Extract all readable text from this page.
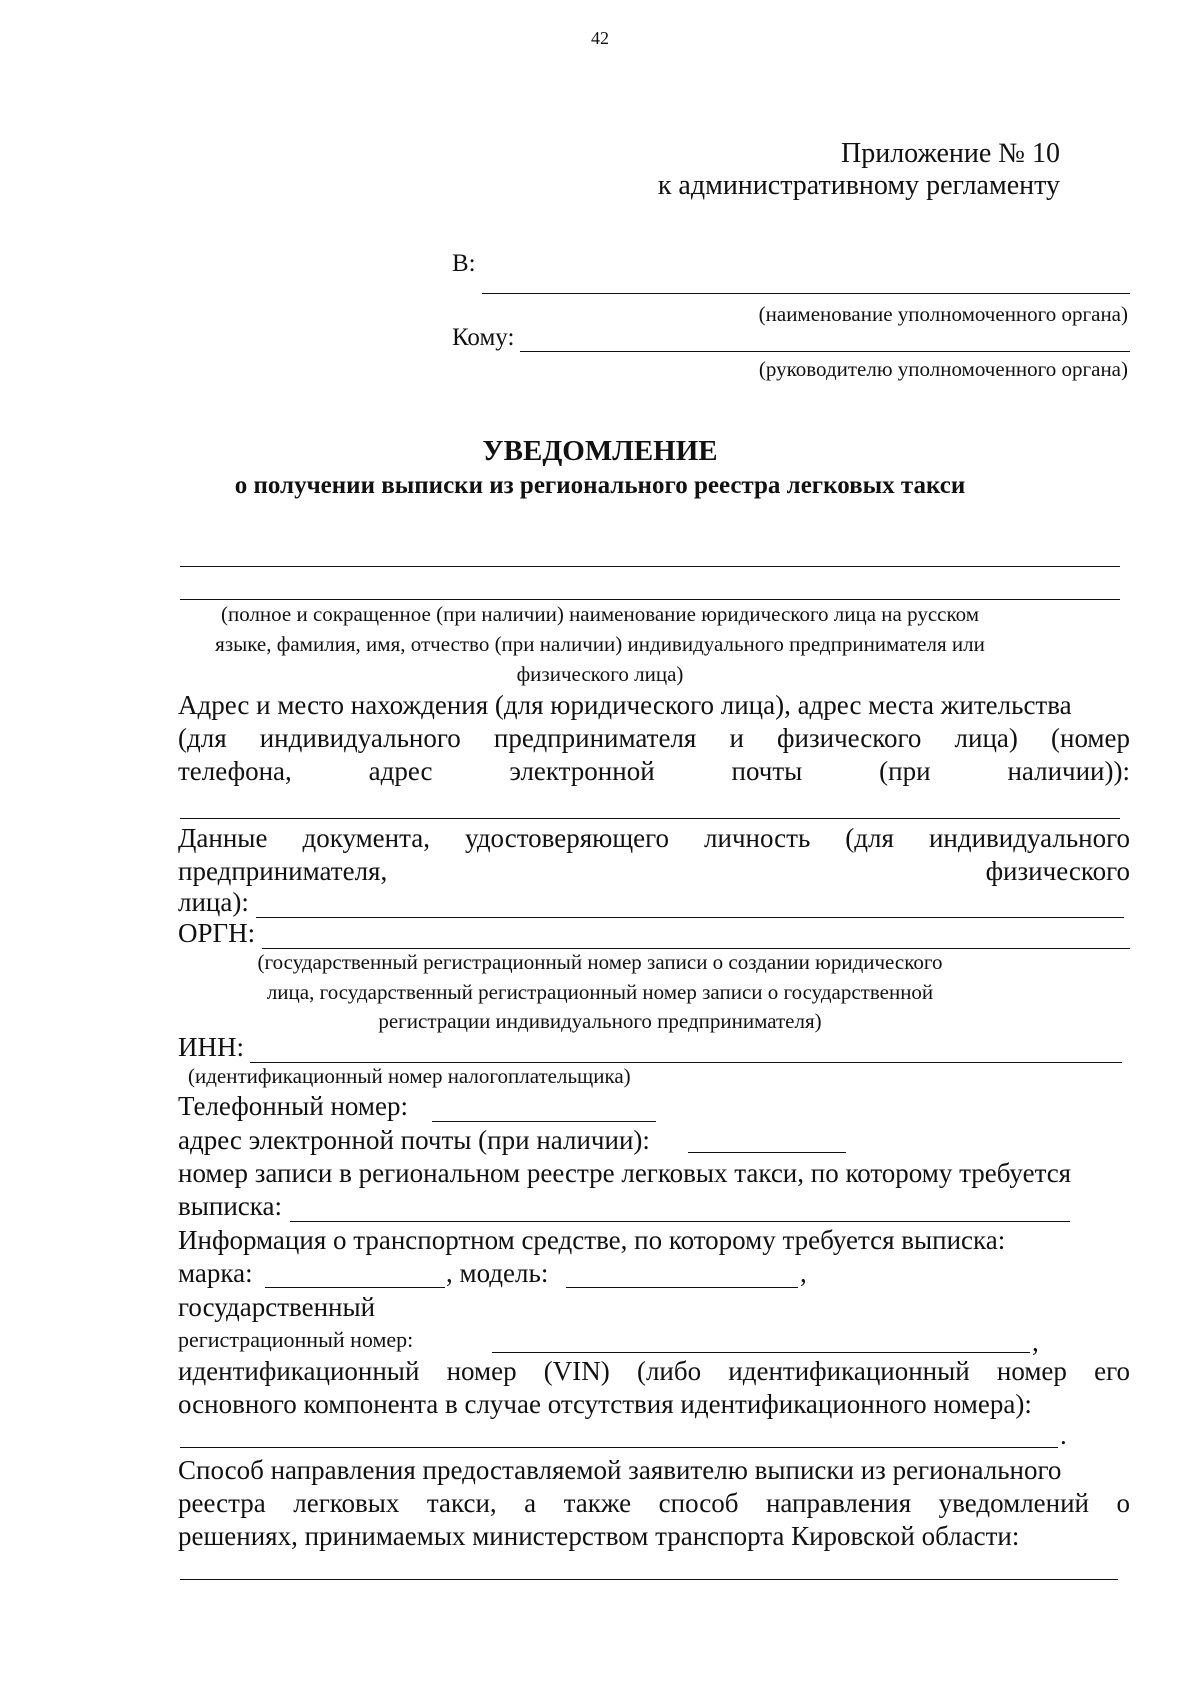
42
Приложение № 10
к административному регламенту
В:
(наименование уполномоченного органа)
Кому:
(руководителю уполномоченного органа)
УВЕДОМЛЕНИЕ
о получении выписки из регионального реестра легковых такси
(полное и сокращенное (при наличии) наименование юридического лица на русском
языке, фамилия, имя, отчество (при наличии) индивидуального предпринимателя или
физического лица)
Адрес и место нахождения (для юридического лица), адрес места жительства
(для индивидуального предпринимателя и физического лица) (номер
телефона, адрес электронной почты (при наличии)):
Данные документа, удостоверяющего личность (для индивидуального
предпринимателя,	физического
лица):
ОРГН:
(государственный регистрационный номер записи о создании юридического
лица, государственный регистрационный номер записи о государственной
регистрации индивидуального предпринимателя)
ИНН:
(идентификационный номер налогоплательщика)
Телефонный номер:
адрес электронной почты (при наличии):
номер записи в региональном реестре легковых такси, по которому требуется
выписка:
Информация о транспортном средстве, по которому требуется выписка:
марка:	, модель:	,
государственный
регистрационный номер:	,
идентификационный номер (VIN) (либо идентификационный номер его
основного компонента в случае отсутствия идентификационного номера):
.
Способ направления предоставляемой заявителю выписки из регионального
реестра легковых такси, а также способ направления уведомлений о
решениях, принимаемых министерством транспорта Кировской области:
